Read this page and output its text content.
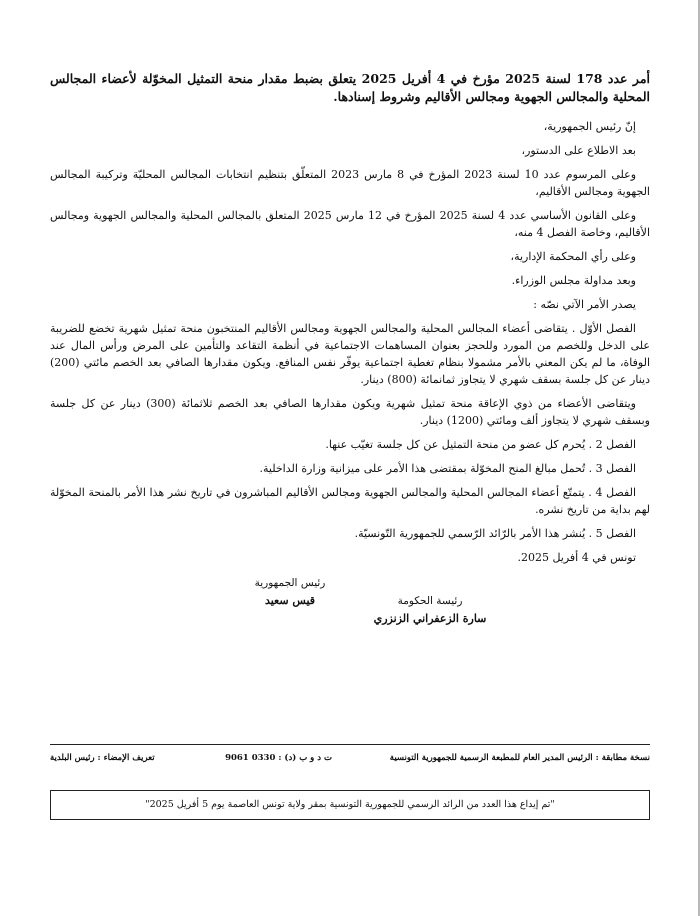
أمر عدد 178 لسنة 2025 مؤرخ في 4 أفريل 2025 يتعلق بضبط مقدار منحة التمثيل المخوّلة لأعضاء المجالس المحلية والمجالس الجهوية ومجالس الأقاليم وشروط إسنادها.

إنّ رئيس الجمهورية،

بعد الاطلاع على الدستور،

وعلى المرسوم عدد 10 لسنة 2023 المؤرخ في 8 مارس 2023 المتعلّق بتنظيم انتخابات المجالس المحليّة وتركيبة المجالس الجهوية ومجالس الأقاليم،

وعلى القانون الأساسي عدد 4 لسنة 2025 المؤرخ في 12 مارس 2025 المتعلق بالمجالس المحلية والمجالس الجهوية ومجالس الأقاليم، وخاصة الفصل 4 منه،

وعلى رأي المحكمة الإدارية،

وبعد مداولة مجلس الوزراء.

يصدر الأمر الآتي نصّه :

الفصل الأوّل . يتقاضى أعضاء المجالس المحلية والمجالس الجهوية ومجالس الأقاليم المنتخبون منحة تمثيل شهرية تخضع للضريبة على الدخل وللخصم من المورد وللحجز بعنوان المساهمات الاجتماعية في أنظمة التقاعد والتأمين على المرض ورأس المال عند الوفاة، ما لم يكن المعني بالأمر مشمولا بنظام تغطية اجتماعية يوفّر نفس المنافع. ويكون مقدارها الصافي بعد الخصم مائتي (200) دينار عن كل جلسة بسقف شهري لا يتجاوز ثمانمائة (800) دينار.

ويتقاضى الأعضاء من ذوي الإعاقة منحة تمثيل شهرية ويكون مقدارها الصافي بعد الخصم ثلاثمائة (300) دينار عن كل جلسة وبسقف شهري لا يتجاوز ألف ومائتي (1200) دينار.

الفصل 2 . يُحرم كل عضو من منحة التمثيل عن كل جلسة تغيّب عنها.

الفصل 3 . تُحمل مبالغ المنح المخوّلة بمقتضى هذا الأمر على ميزانية وزارة الداخلية.

الفصل 4 . يتمتّع أعضاء المجالس المحلية والمجالس الجهوية ومجالس الأقاليم المباشرون في تاريخ نشر هذا الأمر بالمنحة المخوّلة لهم بداية من تاريخ نشره.

الفصل 5 . يُنشر هذا الأمر بالرّائد الرّسمي للجمهورية التّونسيّة.

تونس في 4 أفريل 2025.

رئيس الجمهورية
قيس سعيد	رئيسة الحكومة
سارة الزعفراني الزنزري
نسخة مطابقة : الرئيس المدير العام للمطبعة الرسمية للجمهورية التونسية
ت د و ب (د) : 0330 9061
تعريف الإمضاء : رئيس البلدية
"تم إيداع هذا العدد من الرائد الرسمي للجمهورية التونسية بمقر ولاية تونس العاصمة يوم 5 أفريل 2025"
